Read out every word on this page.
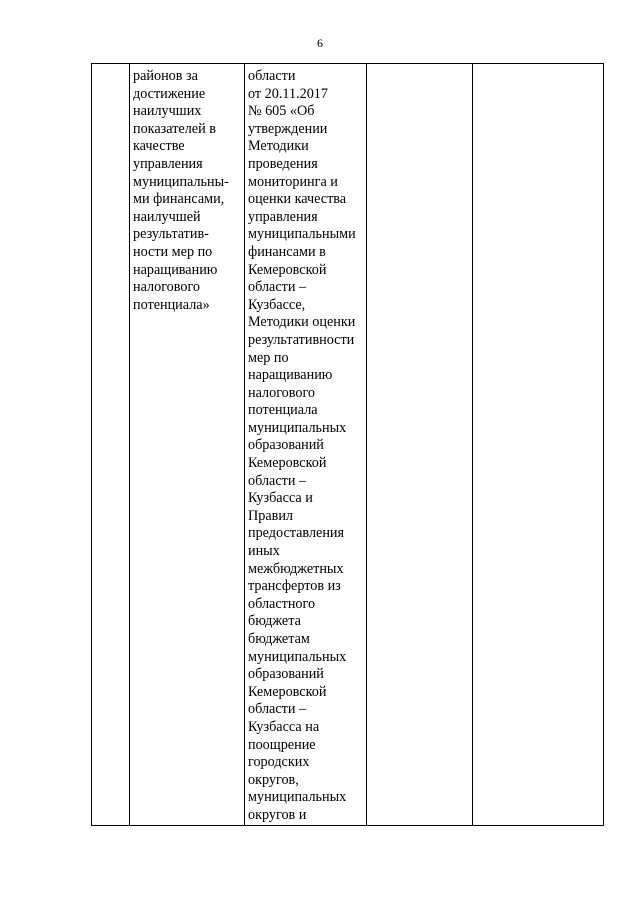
6

районов за
достижение
наилучших
показателей в
качестве
управления
муниципальны-
ми финансами,
наилучшей
результатив-
ности мер по
наращиванию
налогового
потенциала»

области
от 20.11.2017
№ 605 «Об
утверждении
Методики
проведения
мониторинга и
оценки качества
управления
муниципальными
финансами в
Кемеровской
области –
Кузбассе,
Методики оценки
результативности
мер по
наращиванию
налогового
потенциала
муниципальных
образований
Кемеровской
области –
Кузбасса и
Правил
предоставления
иных
межбюджетных
трансфертов из
областного
бюджета
бюджетам
муниципальных
образований
Кемеровской
области –
Кузбасса на
поощрение
городских
округов,
муниципальных
округов и
